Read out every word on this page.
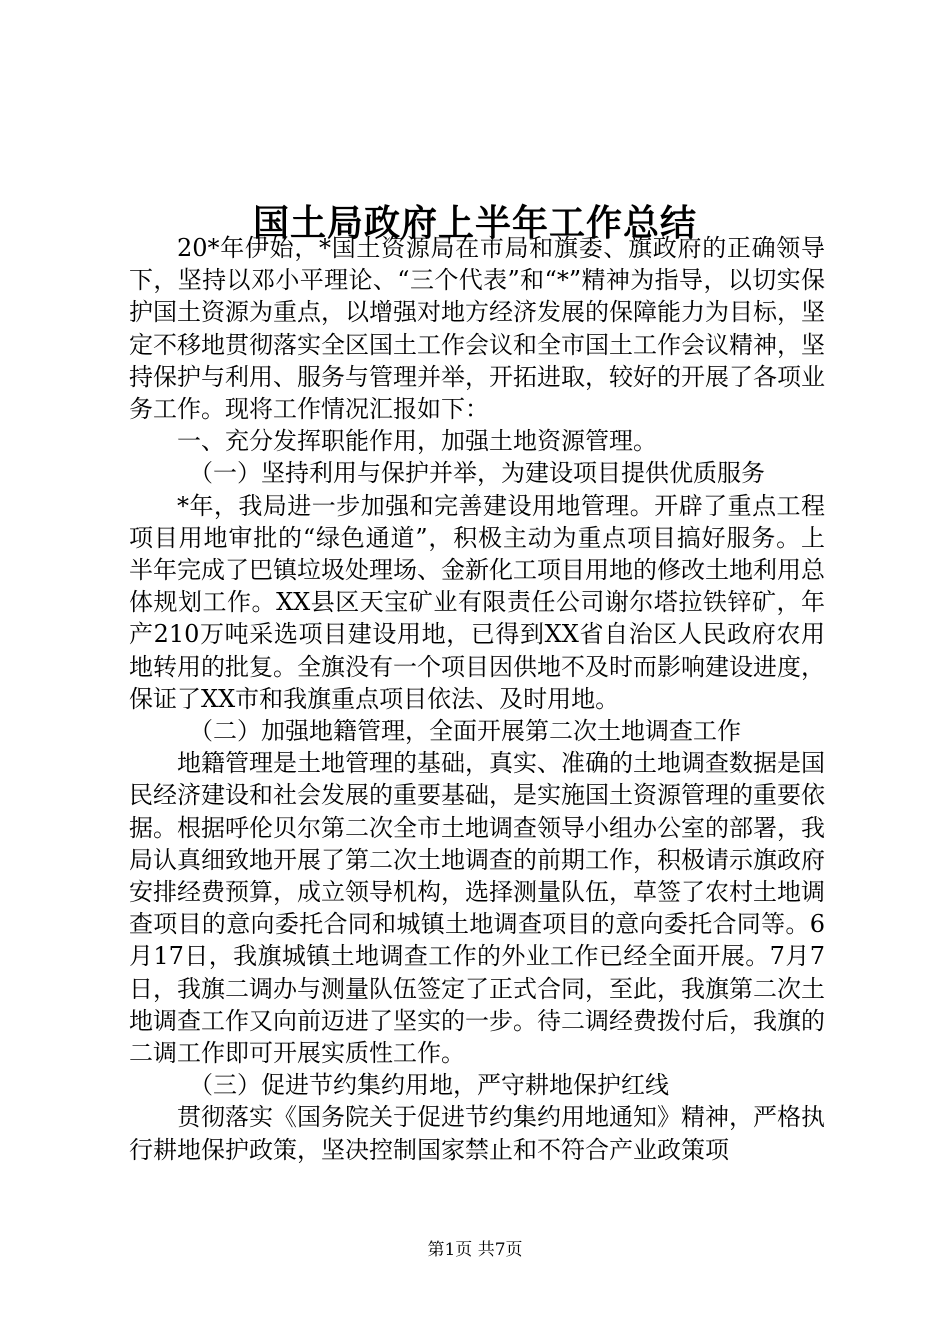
国土局政府上半年工作总结

20*年伊始，*国土资源局在市局和旗委、旗政府的正确领导下，坚持以邓小平理论、“三个代表”和“*”精神为指导，以切实保护国土资源为重点，以增强对地方经济发展的保障能力为目标，坚定不移地贯彻落实全区国土工作会议和全市国土工作会议精神，坚持保护与利用、服务与管理并举，开拓进取，较好的开展了各项业务工作。现将工作情况汇报如下：

一、充分发挥职能作用，加强土地资源管理。

（一）坚持利用与保护并举，为建设项目提供优质服务

*年，我局进一步加强和完善建设用地管理。开辟了重点工程项目用地审批的“绿色通道”，积极主动为重点项目搞好服务。上半年完成了巴镇垃圾处理场、金新化工项目用地的修改土地利用总体规划工作。XX县区天宝矿业有限责任公司谢尔塔拉铁锌矿，年产210万吨采选项目建设用地，已得到XX省自治区人民政府农用地转用的批复。全旗没有一个项目因供地不及时而影响建设进度，保证了XX市和我旗重点项目依法、及时用地。

（二）加强地籍管理，全面开展第二次土地调查工作

地籍管理是土地管理的基础，真实、准确的土地调查数据是国民经济建设和社会发展的重要基础，是实施国土资源管理的重要依据。根据呼伦贝尔第二次全市土地调查领导小组办公室的部署，我局认真细致地开展了第二次土地调查的前期工作，积极请示旗政府安排经费预算，成立领导机构，选择测量队伍，草签了农村土地调查项目的意向委托合同和城镇土地调查项目的意向委托合同等。6月17日，我旗城镇土地调查工作的外业工作已经全面开展。7月7日，我旗二调办与测量队伍签定了正式合同，至此，我旗第二次土地调查工作又向前迈进了坚实的一步。待二调经费拨付后，我旗的二调工作即可开展实质性工作。

（三）促进节约集约用地，严守耕地保护红线

贯彻落实《国务院关于促进节约集约用地通知》精神，严格执行耕地保护政策，坚决控制国家禁止和不符合产业政策项

第1页 共7页
